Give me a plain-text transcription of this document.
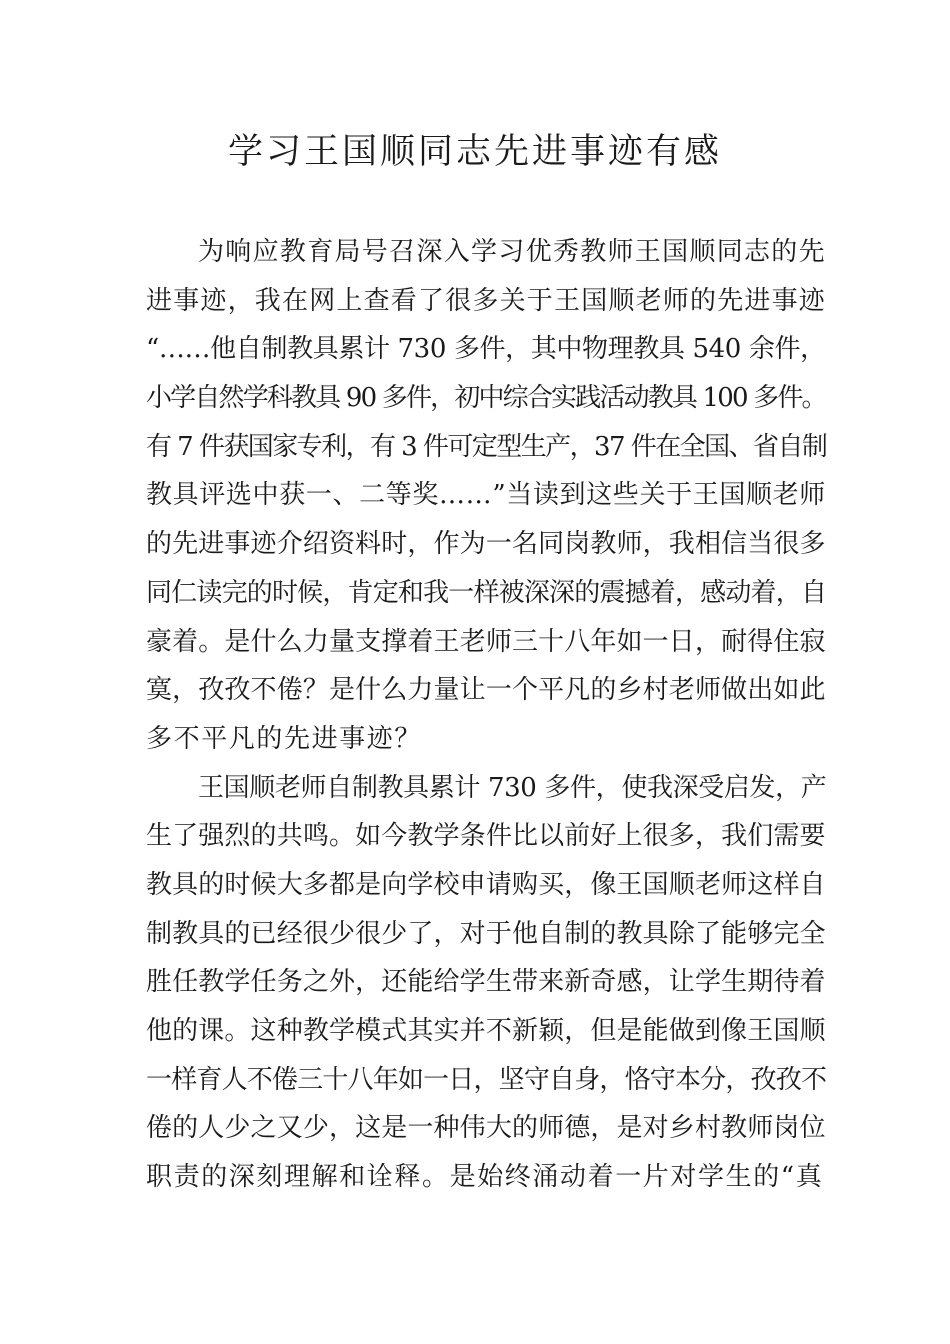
学习王国顺同志先进事迹有感
为响应教育局号召深入学习优秀教师王国顺同志的先
进事迹，我在网上查看了很多关于王国顺老师的先进事迹
“……他自制教具累计 730 多件，其中物理教具 540 余件，
小学自然学科教具 90 多件，初中综合实践活动教具 100 多件。
有 7 件获国家专利，有 3 件可定型生产，37 件在全国、省自制
教具评选中获一、二等奖……”当读到这些关于王国顺老师
的先进事迹介绍资料时，作为一名同岗教师，我相信当很多
同仁读完的时候，肯定和我一样被深深的震撼着，感动着，自
豪着。是什么力量支撑着王老师三十八年如一日，耐得住寂
寞，孜孜不倦？是什么力量让一个平凡的乡村老师做出如此
多不平凡的先进事迹？
王国顺老师自制教具累计 730 多件，使我深受启发，产
生了强烈的共鸣。如今教学条件比以前好上很多，我们需要
教具的时候大多都是向学校申请购买，像王国顺老师这样自
制教具的已经很少很少了，对于他自制的教具除了能够完全
胜任教学任务之外，还能给学生带来新奇感，让学生期待着
他的课。这种教学模式其实并不新颖，但是能做到像王国顺
一样育人不倦三十八年如一日，坚守自身，恪守本分，孜孜不
倦的人少之又少，这是一种伟大的师德，是对乡村教师岗位
职责的深刻理解和诠释。是始终涌动着一片对学生的“真
